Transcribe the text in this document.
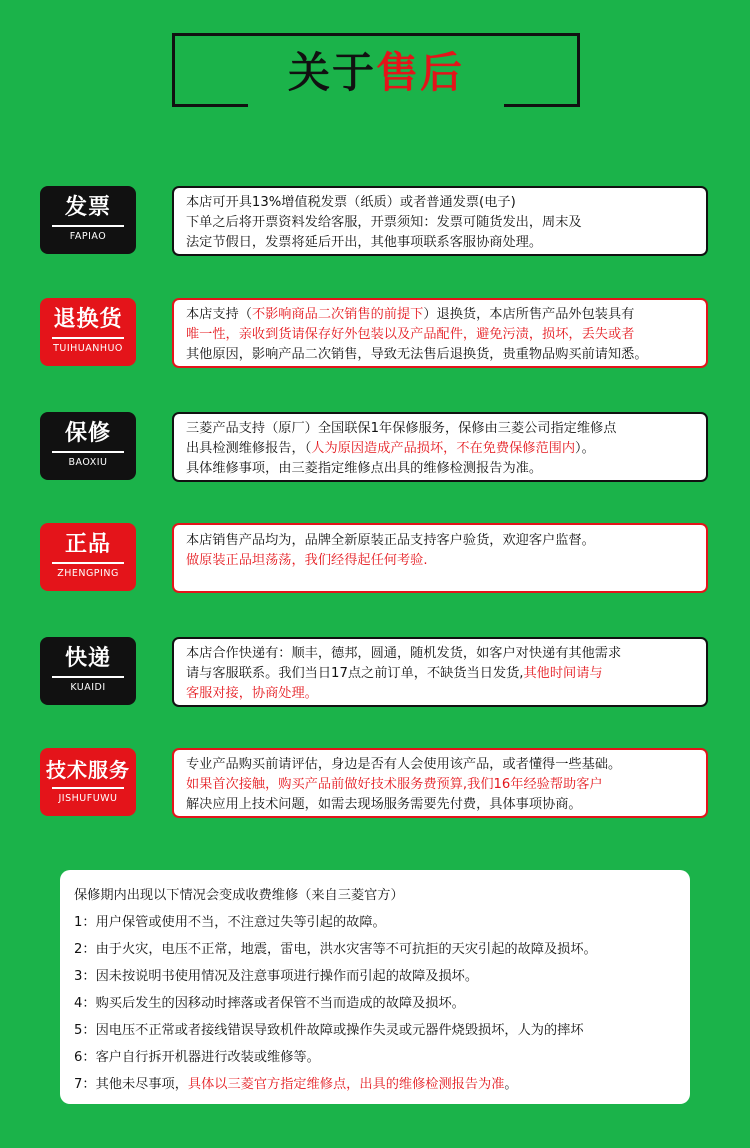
关于售后
发票
FAPIAO
本店可开具13%增值税发票（纸质）或者普通发票(电子)
下单之后将开票资料发给客服，开票须知：发票可随货发出，周末及
法定节假日，发票将延后开出，其他事项联系客服协商处理。
退换货
TUIHUANHUO
本店支持（不影响商品二次销售的前提下）退换货，本店所售产品外包装具有
唯一性，亲收到货请保存好外包装以及产品配件，避免污渍，损坏，丢失或者
其他原因，影响产品二次销售，导致无法售后退换货，贵重物品购买前请知悉。
保修
BAOXIU
三菱产品支持（原厂）全国联保1年保修服务，保修由三菱公司指定维修点
出具检测维修报告，（人为原因造成产品损坏，不在免费保修范围内）。
具体维修事项，由三菱指定维修点出具的维修检测报告为准。
正品
ZHENGPING
本店销售产品均为，品牌全新原装正品支持客户验货，欢迎客户监督。
做原装正品坦荡荡，我们经得起任何考验.
快递
KUAIDI
本店合作快递有：顺丰，德邦，圆通，随机发货，如客户对快递有其他需求
请与客服联系。我们当日17点之前订单，不缺货当日发货,其他时间请与
客服对接，协商处理。
技术服务
JISHUFUWU
专业产品购买前请评估，身边是否有人会使用该产品，或者懂得一些基础。
如果首次接触，购买产品前做好技术服务费预算,我们16年经验帮助客户
解决应用上技术问题，如需去现场服务需要先付费，具体事项协商。
保修期内出现以下情况会变成收费维修（来自三菱官方）
1：用户保管或使用不当，不注意过失等引起的故障。
2：由于火灾，电压不正常，地震，雷电，洪水灾害等不可抗拒的天灾引起的故障及损坏。
3：因未按说明书使用情况及注意事项进行操作而引起的故障及损坏。
4：购买后发生的因移动时摔落或者保管不当而造成的故障及损坏。
5：因电压不正常或者接线错误导致机件故障或操作失灵或元器件烧毁损坏，人为的摔坏
6：客户自行拆开机器进行改装或维修等。
7：其他未尽事项，具体以三菱官方指定维修点，出具的维修检测报告为准。
